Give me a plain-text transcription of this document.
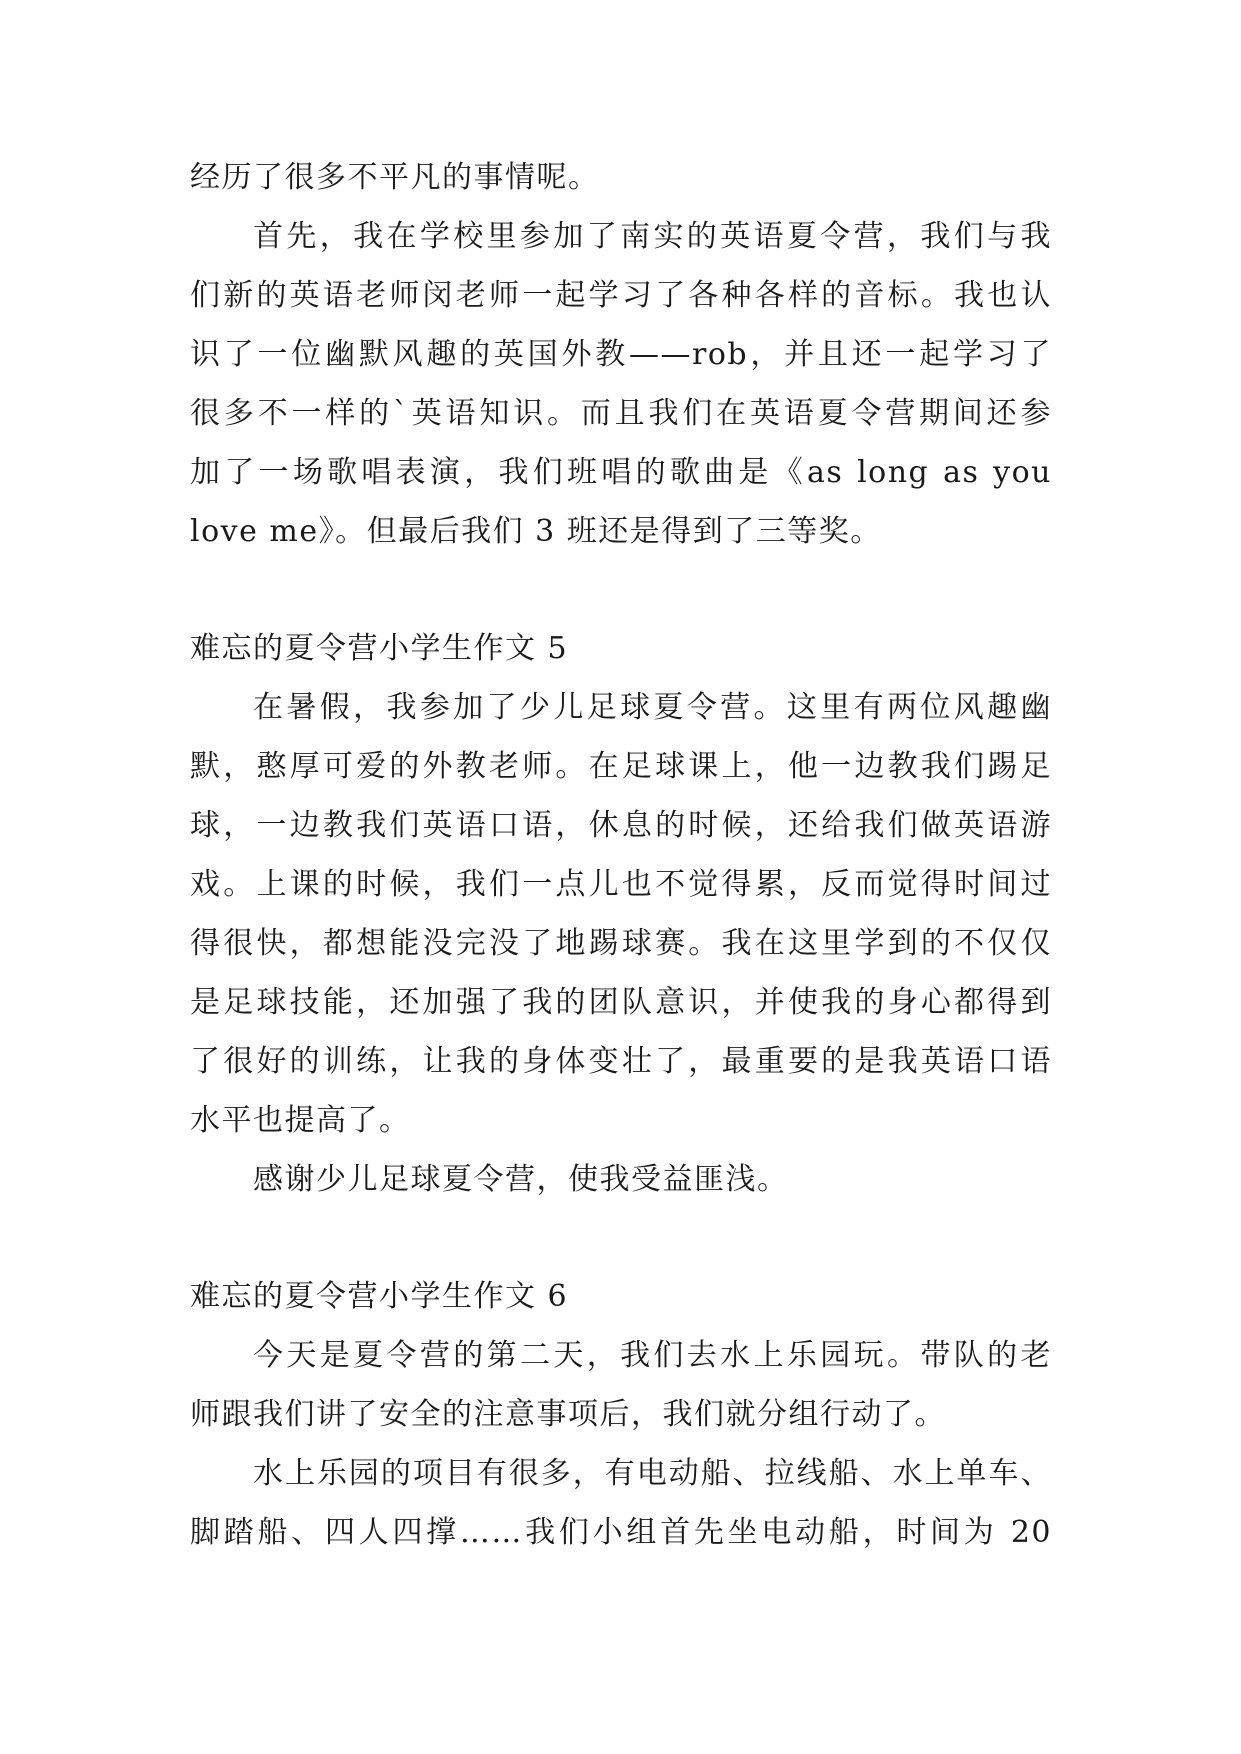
经历了很多不平凡的事情呢。
首先，我在学校里参加了南实的英语夏令营，我们与我
们新的英语老师闵老师一起学习了各种各样的音标。我也认
识了一位幽默风趣的英国外教——rob，并且还一起学习了
很多不一样的`英语知识。而且我们在英语夏令营期间还参
加了一场歌唱表演，我们班唱的歌曲是《as long as you
love me》。但最后我们 3 班还是得到了三等奖。
难忘的夏令营小学生作文 5
在暑假，我参加了少儿足球夏令营。这里有两位风趣幽
默，憨厚可爱的外教老师。在足球课上，他一边教我们踢足
球，一边教我们英语口语，休息的时候，还给我们做英语游
戏。上课的时候，我们一点儿也不觉得累，反而觉得时间过
得很快，都想能没完没了地踢球赛。我在这里学到的不仅仅
是足球技能，还加强了我的团队意识，并使我的身心都得到
了很好的训练，让我的身体变壮了，最重要的是我英语口语
水平也提高了。
感谢少儿足球夏令营，使我受益匪浅。
难忘的夏令营小学生作文 6
今天是夏令营的第二天，我们去水上乐园玩。带队的老
师跟我们讲了安全的注意事项后，我们就分组行动了。
水上乐园的项目有很多，有电动船、拉线船、水上单车、
脚踏船、四人四撑……我们小组首先坐电动船，时间为 20
